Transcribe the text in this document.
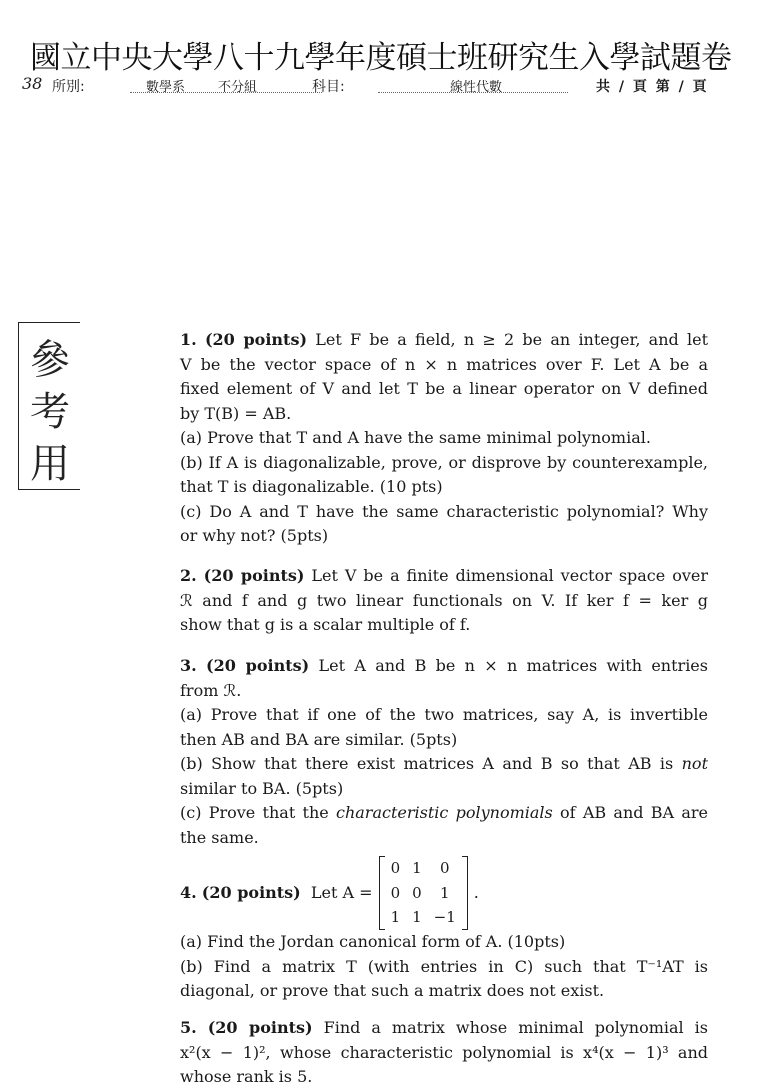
國立中央大學八十九學年度碩士班研究生入學試題卷
38 所別:	數學系	不分組	科目:	線性代數	共 / 頁 第 / 頁
參考用

1. (20 points) Let F be a field, n ≥ 2 be an integer, and let

V be the vector space of n × n matrices over F. Let A be a

fixed element of V and let T be a linear operator on V defined

by T(B) = AB.

(a) Prove that T and A have the same minimal polynomial.

(b) If A is diagonalizable, prove, or disprove by counterexample,

that T is diagonalizable. (10 pts)

(c) Do A and T have the same characteristic polynomial? Why

or why not? (5pts)

2. (20 points) Let V be a finite dimensional vector space over

ℛ and f and g two linear functionals on V. If ker f = ker g

show that g is a scalar multiple of f.

3. (20 points) Let A and B be n × n matrices with entries

from ℛ.

(a) Prove that if one of the two matrices, say A, is invertible

then AB and BA are similar. (5pts)

(b) Show that there exist matrices A and B so that AB is not

similar to BA. (5pts)

(c) Prove that the characteristic polynomials of AB and BA are

the same.

4.
(20 points)
Let A =
0	1	0
0	0	1
1	1	−1
.

(a) Find the Jordan canonical form of A. (10pts)

(b) Find a matrix T (with entries in C) such that T⁻¹AT is

diagonal, or prove that such a matrix does not exist.

5. (20 points) Find a matrix whose minimal polynomial is

x²(x − 1)², whose characteristic polynomial is x⁴(x − 1)³ and

whose rank is 5.
